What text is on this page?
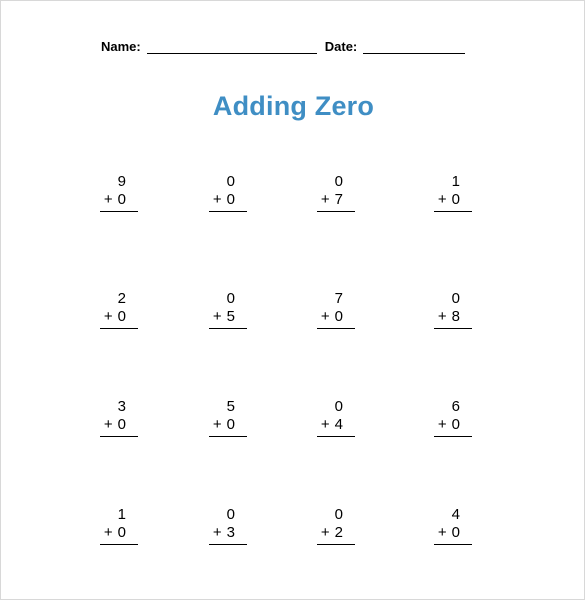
Name:	Date:
Adding Zero
9
+ 0
0
+ 0
0
+ 7
1
+ 0
2
+ 0
0
+ 5
7
+ 0
0
+ 8
3
+ 0
5
+ 0
0
+ 4
6
+ 0
1
+ 0
0
+ 3
0
+ 2
4
+ 0
